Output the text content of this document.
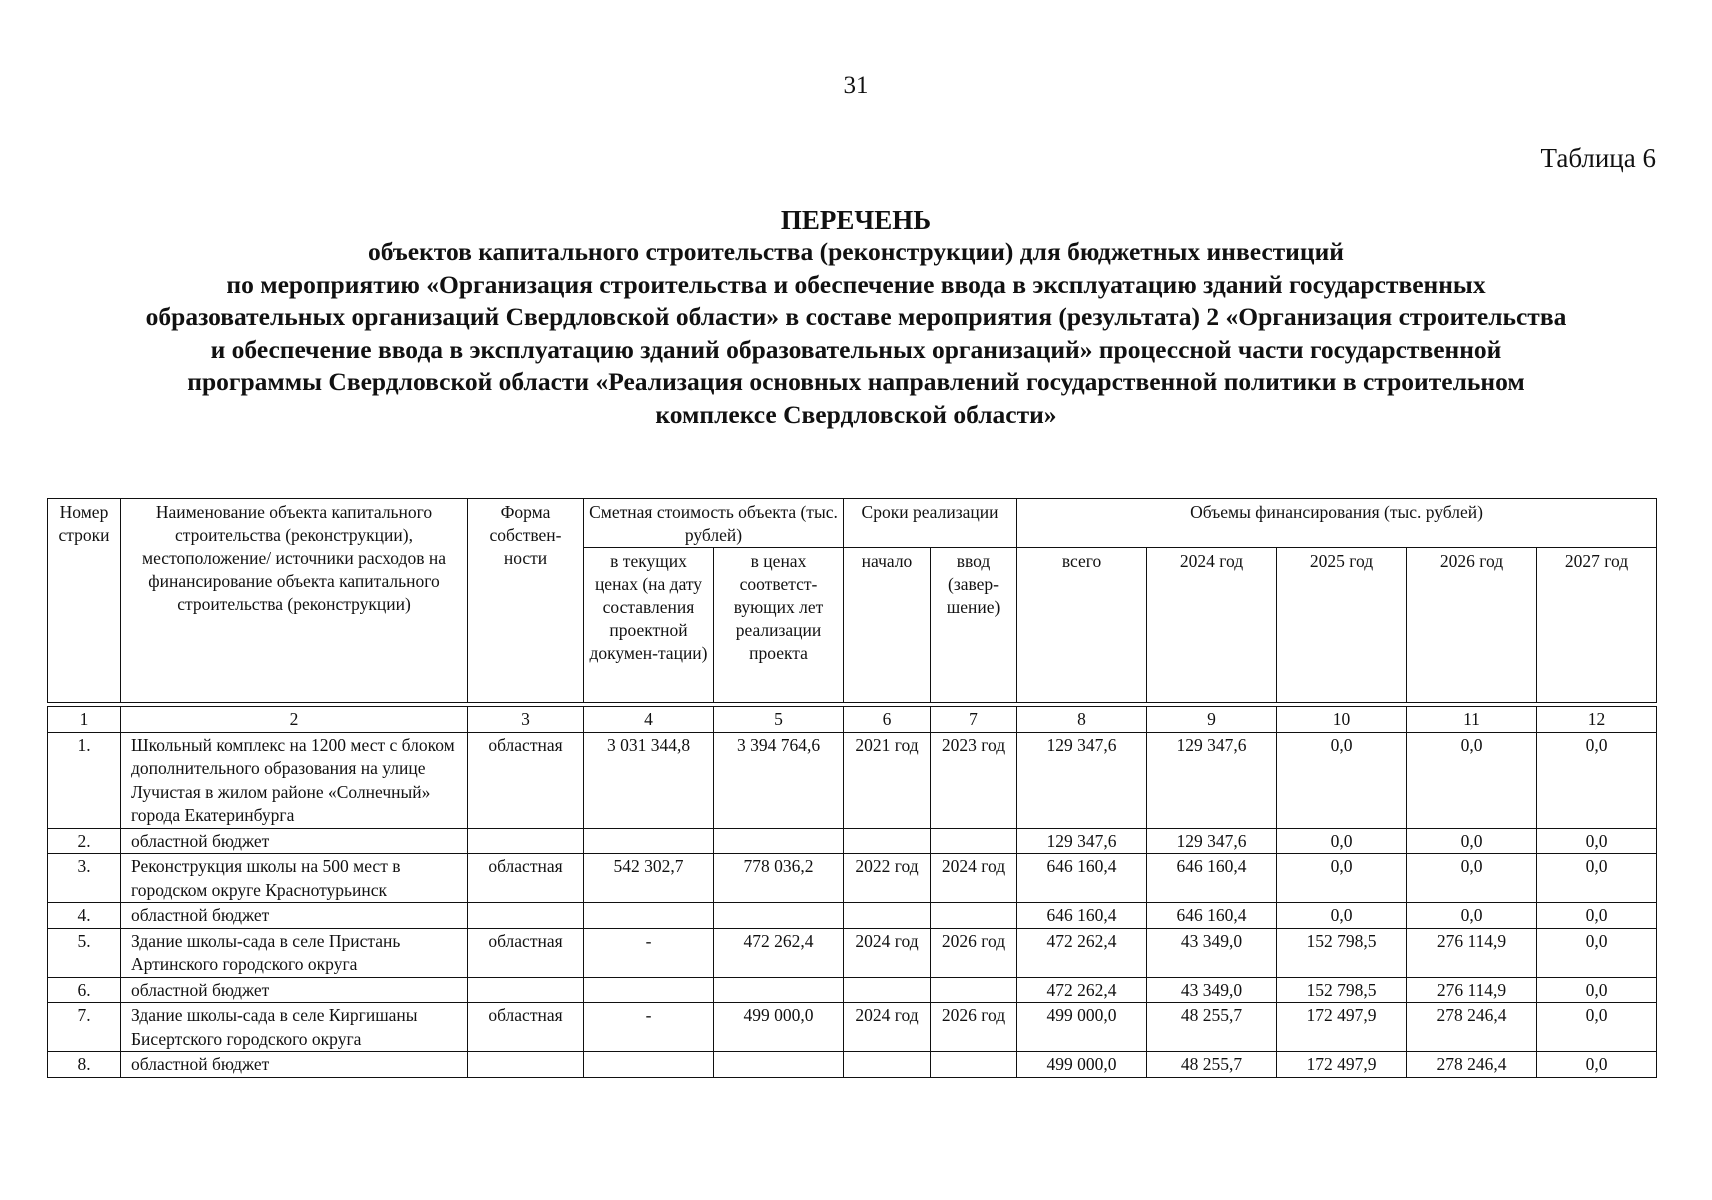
31
Таблица 6
ПЕРЕЧЕНЬ
объектов капитального строительства (реконструкции) для бюджетных инвестиций
по мероприятию «Организация строительства и обеспечение ввода в эксплуатацию зданий государственных
образовательных организаций Свердловской области» в составе мероприятия (результата) 2 «Организация строительства
и обеспечение ввода в эксплуатацию зданий образовательных организаций» процессной части государственной
программы Свердловской области «Реализация основных направлений государственной политики в строительном
комплексе Свердловской области»
Номер строки	Наименование объекта капитального строительства (реконструкции), местоположение/ источники расходов на финансирование объекта капитального строительства (реконструкции)	Форма собствен-ности	Сметная стоимость объекта (тыс. рублей)		Сроки реализации		Объемы финансирования (тыс. рублей)				
			в текущих ценах (на дату составления проектной докумен-тации)	в ценах соответст-вующих лет реализации проекта	начало	ввод (завер-шение)	всего	2024 год	2025 год	2026 год	2027 год
1	2	3	4	5	6	7	8	9	10	11	12
1.	Школьный комплекс на 1200 мест с блоком дополнительного образования на улице Лучистая в жилом районе «Солнечный» города Екатеринбурга	областная	3 031 344,8	3 394 764,6	2021 год	2023 год	129 347,6	129 347,6	0,0	0,0	0,0
2.	областной бюджет						129 347,6	129 347,6	0,0	0,0	0,0
3.	Реконструкция школы на 500 мест в городском округе Краснотурьинск	областная	542 302,7	778 036,2	2022 год	2024 год	646 160,4	646 160,4	0,0	0,0	0,0
4.	областной бюджет						646 160,4	646 160,4	0,0	0,0	0,0
5.	Здание школы-сада в селе Пристань Артинского городского округа	областная	-	472 262,4	2024 год	2026 год	472 262,4	43 349,0	152 798,5	276 114,9	0,0
6.	областной бюджет						472 262,4	43 349,0	152 798,5	276 114,9	0,0
7.	Здание школы-сада в селе Киргишаны Бисертского городского округа	областная	-	499 000,0	2024 год	2026 год	499 000,0	48 255,7	172 497,9	278 246,4	0,0
8.	областной бюджет						499 000,0	48 255,7	172 497,9	278 246,4	0,0
